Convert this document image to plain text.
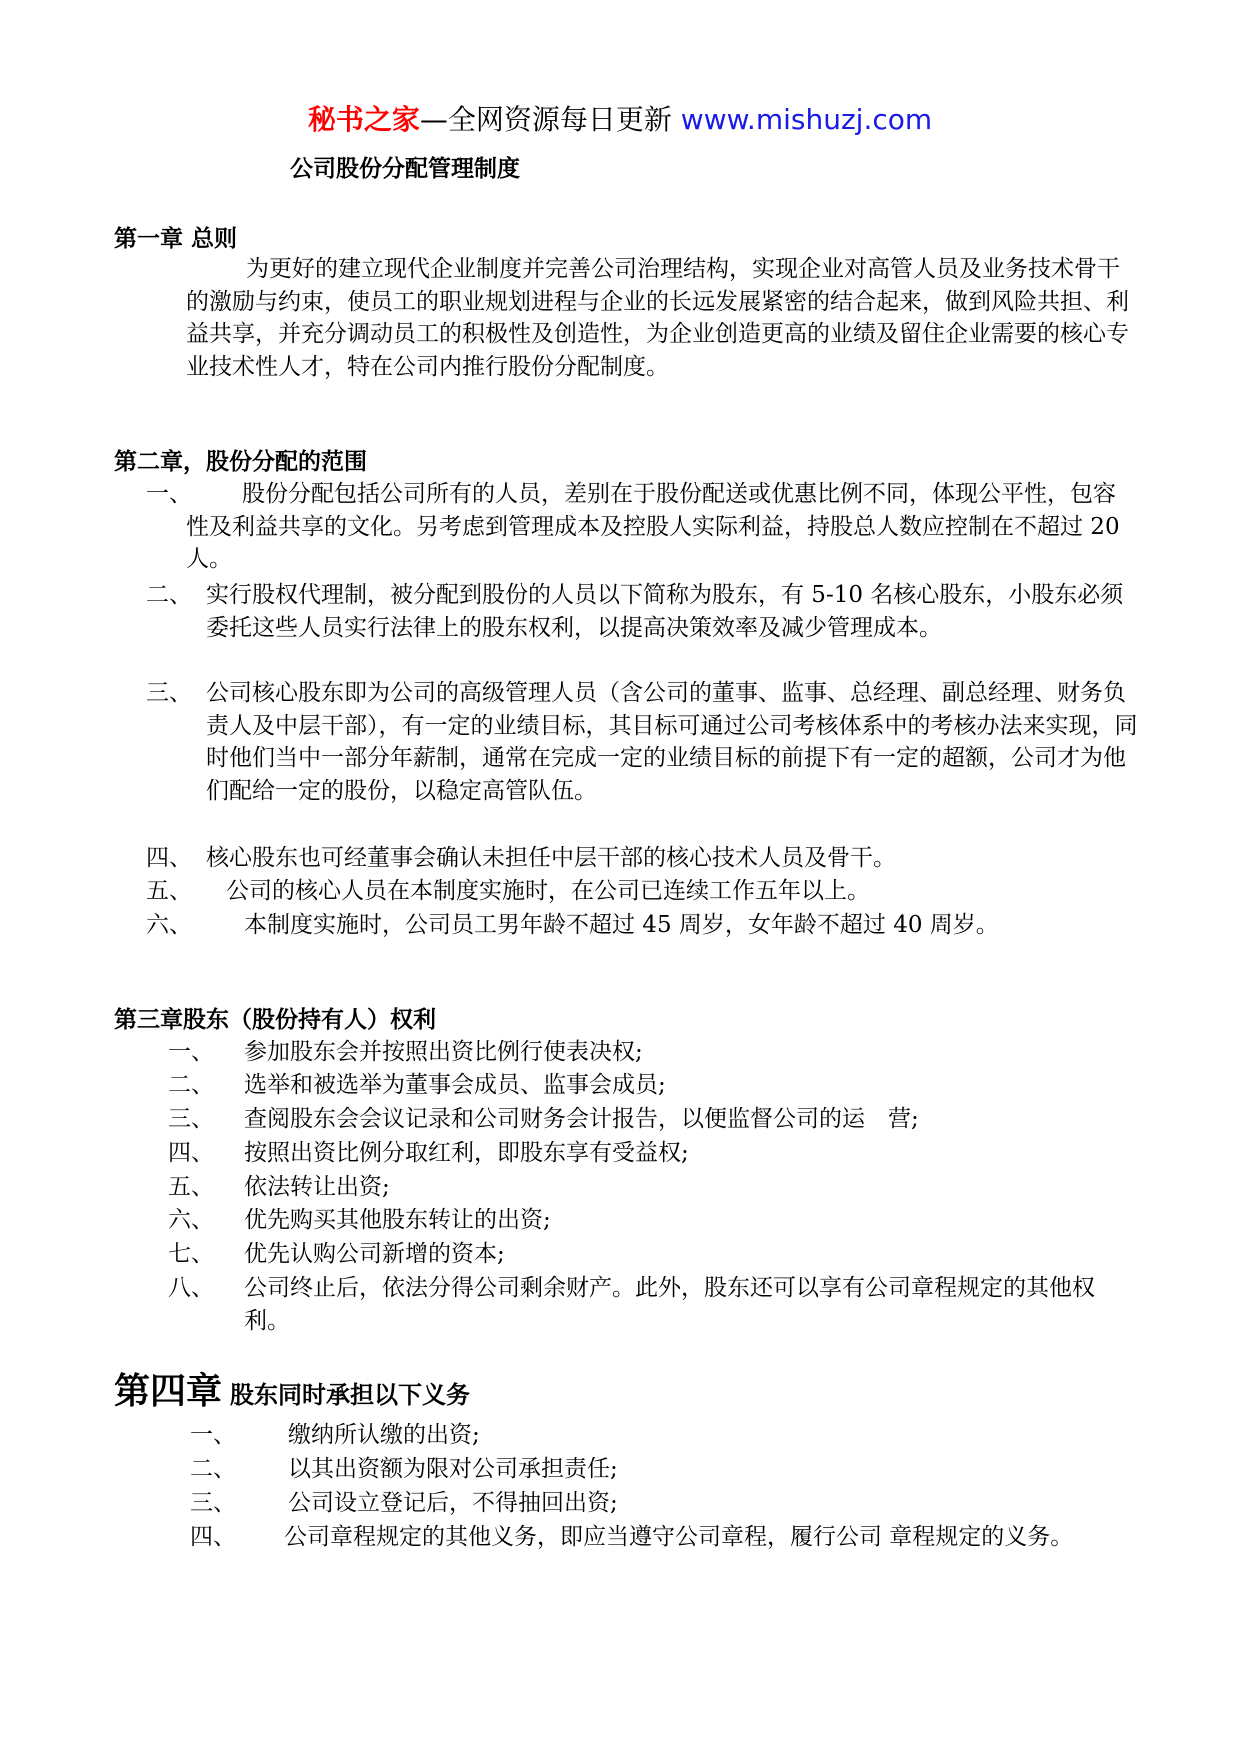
秘书之家—全网资源每日更新 www.mishuzj.com
公司股份分配管理制度
第一章 总则

为更好的建立现代企业制度并完善公司治理结构，实现企业对高管人员及业务技术骨干的激励与约束，使员工的职业规划进程与企业的长远发展紧密的结合起来，做到风险共担、利益共享，并充分调动员工的积极性及创造性，为企业创造更高的业绩及留住企业需要的核心专业技术性人才，特在公司内推行股份分配制度。

第二章，股份分配的范围
一、	股份分配包括公司所有的人员，差别在于股份配送或优惠比例不同，体现公平性，包容性及利益共享的文化。另考虑到管理成本及控股人实际利益，持股总人数应控制在不超过 20 人。
二、 实行股权代理制，被分配到股份的人员以下简称为股东，有 5-10 名核心股东，小股东必须委托这些人员实行法律上的股东权利，以提高决策效率及减少管理成本。
三、 公司核心股东即为公司的高级管理人员（含公司的董事、监事、总经理、副总经理、财务负责人及中层干部），有一定的业绩目标，其目标可通过公司考核体系中的考核办法来实现，同时他们当中一部分年薪制，通常在完成一定的业绩目标的前提下有一定的超额，公司才为他们配给一定的股份，以稳定高管队伍。
四、 核心股东也可经董事会确认未担任中层干部的核心技术人员及骨干。
五、	公司的核心人员在本制度实施时，在公司已连续工作五年以上。
六、	本制度实施时，公司员工男年龄不超过 45 周岁，女年龄不超过 40 周岁。
第三章股东（股份持有人）权利
一、	参加股东会并按照出资比例行使表决权;
二、	选举和被选举为董事会成员、监事会成员;
三、	查阅股东会会议记录和公司财务会计报告，以便监督公司的运　营;
四、	按照出资比例分取红利，即股东享有受益权;
五、	依法转让出资;
六、	优先购买其他股东转让的出资;
七、	优先认购公司新增的资本;
八、	公司终止后，依法分得公司剩余财产。此外，股东还可以享有公司章程规定的其他权利。
第四章 股东同时承担以下义务
一、	缴纳所认缴的出资;
二、	以其出资额为限对公司承担责任;
三、	公司设立登记后，不得抽回出资;
四、	公司章程规定的其他义务，即应当遵守公司章程，履行公司 章程规定的义务。
